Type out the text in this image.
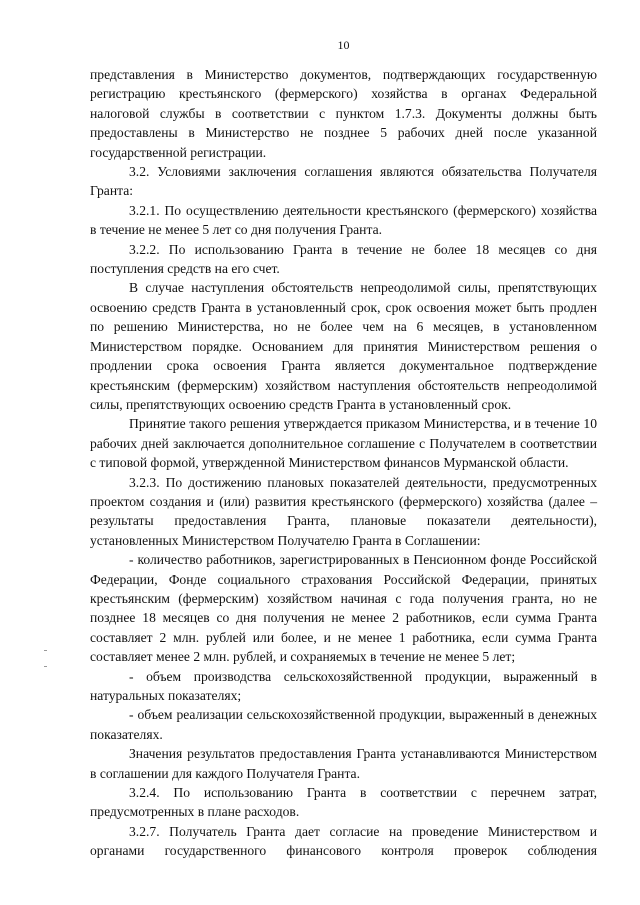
10

представления в Министерство документов, подтверждающих государственную регистрацию крестьянского (фермерского) хозяйства в органах Федеральной налоговой службы в соответствии с пунктом 1.7.3. Документы должны быть предоставлены в Министерство не позднее 5 рабочих дней после указанной государственной регистрации.

3.2. Условиями заключения соглашения являются обязательства Получателя Гранта:

3.2.1. По осуществлению деятельности крестьянского (фермерского) хозяйства в течение не менее 5 лет со дня получения Гранта.

3.2.2. По использованию Гранта в течение не более 18 месяцев со дня поступления средств на его счет.

В случае наступления обстоятельств непреодолимой силы, препятствующих освоению средств Гранта в установленный срок, срок освоения может быть продлен по решению Министерства, но не более чем на 6 месяцев, в установленном Министерством порядке. Основанием для принятия Министерством решения о продлении срока освоения Гранта является документальное подтверждение крестьянским (фермерским) хозяйством наступления обстоятельств непреодолимой силы, препятствующих освоению средств Гранта в установленный срок.

Принятие такого решения утверждается приказом Министерства, и в течение 10 рабочих дней заключается дополнительное соглашение с Получателем в соответствии с типовой формой, утвержденной Министерством финансов Мурманской области.

3.2.3. По достижению плановых показателей деятельности, предусмотренных проектом создания и (или) развития крестьянского (фермерского) хозяйства (далее – результаты предоставления Гранта, плановые показатели деятельности), установленных Министерством Получателю Гранта в Соглашении:

- количество работников, зарегистрированных в Пенсионном фонде Российской Федерации, Фонде социального страхования Российской Федерации, принятых крестьянским (фермерским) хозяйством начиная с года получения гранта, но не позднее 18 месяцев со дня получения не менее 2 работников, если сумма Гранта составляет 2 млн. рублей или более, и не менее 1 работника, если сумма Гранта составляет менее 2 млн. рублей, и сохраняемых в течение не менее 5 лет;

- объем производства сельскохозяйственной продукции, выраженный в натуральных показателях;

- объем реализации сельскохозяйственной продукции, выраженный в денежных показателях.

Значения результатов предоставления Гранта устанавливаются Министерством в соглашении для каждого Получателя Гранта.

3.2.4. По использованию Гранта в соответствии с перечнем затрат, предусмотренных в плане расходов.

3.2.7. Получатель Гранта дает согласие на проведение Министерством и органами государственного финансового контроля проверок соблюдения
